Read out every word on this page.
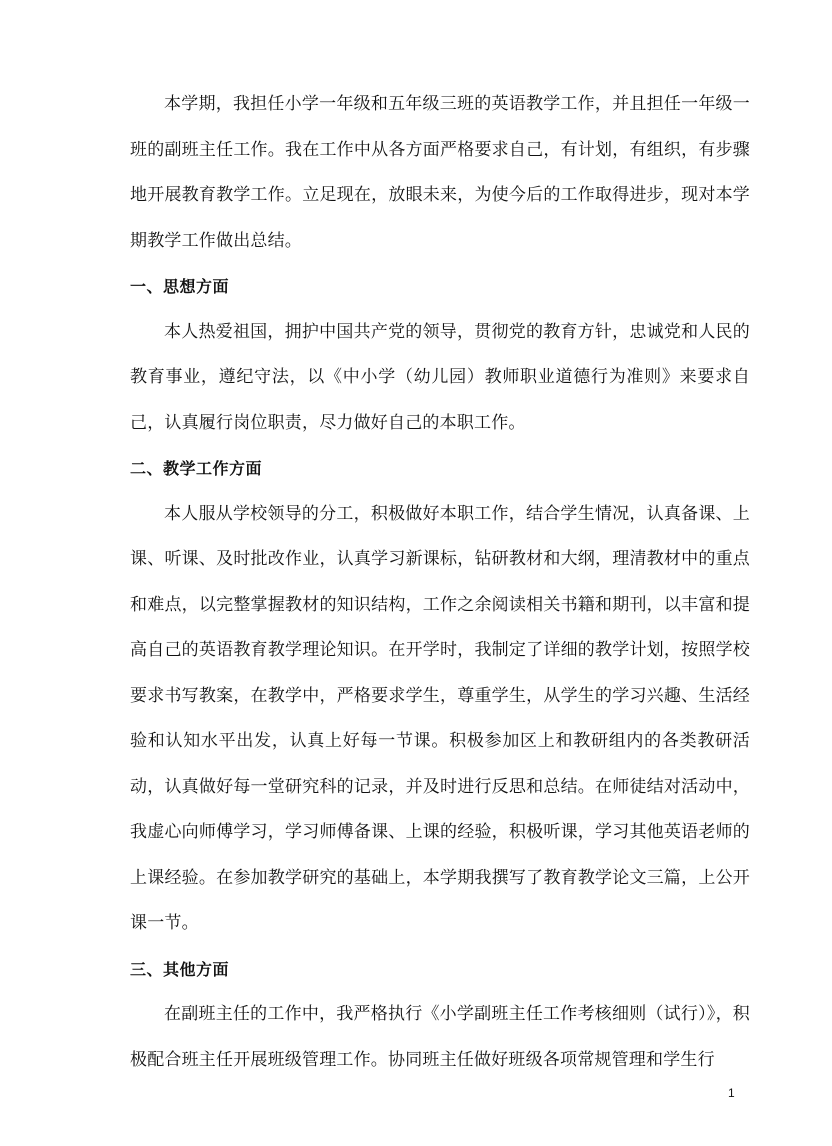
本学期，我担任小学一年级和五年级三班的英语教学工作，并且担任一年级一班的副班主任工作。我在工作中从各方面严格要求自己，有计划，有组织，有步骤地开展教育教学工作。立足现在，放眼未来，为使今后的工作取得进步，现对本学期教学工作做出总结。

一、思想方面

本人热爱祖国，拥护中国共产党的领导，贯彻党的教育方针，忠诚党和人民的教育事业，遵纪守法，以《中小学（幼儿园）教师职业道德行为准则》来要求自己，认真履行岗位职责，尽力做好自己的本职工作。

二、教学工作方面

本人服从学校领导的分工，积极做好本职工作，结合学生情况，认真备课、上课、听课、及时批改作业，认真学习新课标，钻研教材和大纲，理清教材中的重点和难点，以完整掌握教材的知识结构，工作之余阅读相关书籍和期刊，以丰富和提高自己的英语教育教学理论知识。在开学时，我制定了详细的教学计划，按照学校要求书写教案，在教学中，严格要求学生，尊重学生，从学生的学习兴趣、生活经验和认知水平出发，认真上好每一节课。积极参加区上和教研组内的各类教研活动，认真做好每一堂研究科的记录，并及时进行反思和总结。在师徒结对活动中，我虚心向师傅学习，学习师傅备课、上课的经验，积极听课，学习其他英语老师的上课经验。在参加教学研究的基础上，本学期我撰写了教育教学论文三篇，上公开课一节。

三、其他方面

在副班主任的工作中，我严格执行《小学副班主任工作考核细则（试行）》，积极配合班主任开展班级管理工作。协同班主任做好班级各项常规管理和学生行

1
